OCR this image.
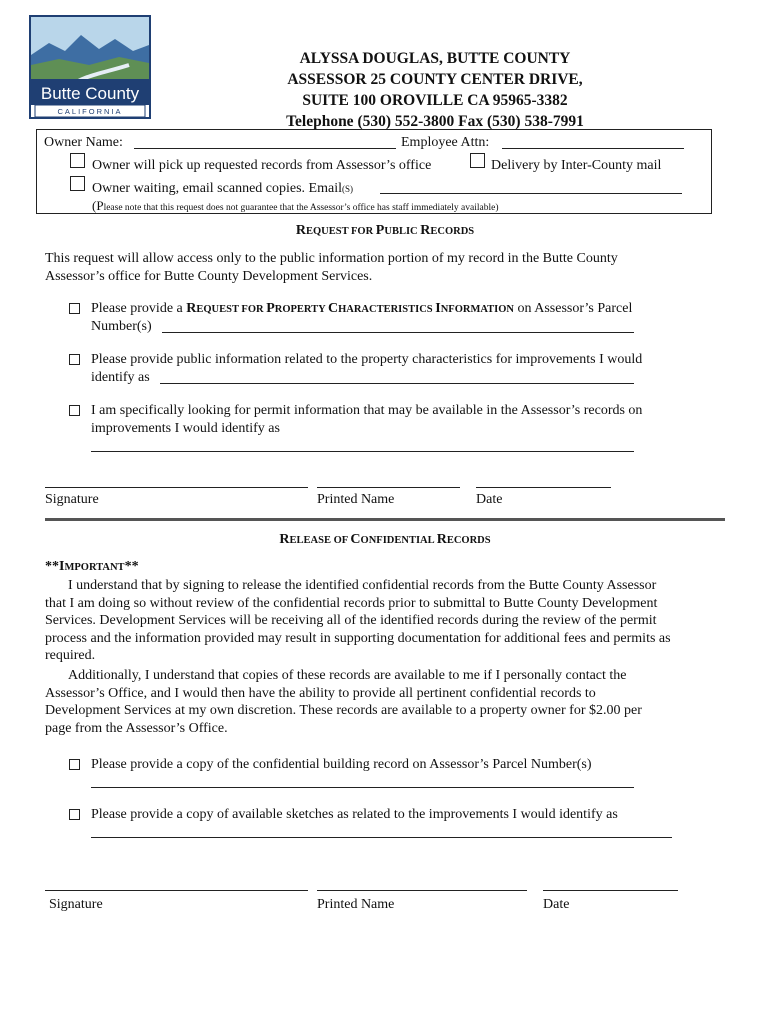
Butte County
CALIFORNIA
ALYSSA DOUGLAS, BUTTE COUNTY
ASSESSOR 25 COUNTY CENTER DRIVE,
SUITE 100 OROVILLE CA 95965-3382
Telephone (530) 552-3800 Fax (530) 538-7991
Owner Name:	Employee Attn:
Owner will pick up requested records from Assessor’s office	Delivery by Inter-County mail
Owner waiting, email scanned copies. Email(S)
(Please note that this request does not guarantee that the Assessor’s office has staff immediately available)
REQUEST FOR PUBLIC RECORDS
This request will allow access only to the public information portion of my record in the Butte County
Assessor’s office for Butte County Development Services.
Please provide a REQUEST FOR PROPERTY CHARACTERISTICS INFORMATION on Assessor’s Parcel
Number(s)
Please provide public information related to the property characteristics for improvements I would
identify as
I am specifically looking for permit information that may be available in the Assessor’s records on
improvements I would identify as
Signature	Printed Name	Date
RELEASE OF CONFIDENTIAL RECORDS
**IMPORTANT**
I understand that by signing to release the identified confidential records from the Butte County Assessor
that I am doing so without review of the confidential records prior to submittal to Butte County Development
Services. Development Services will be receiving all of the identified records during the review of the permit
process and the information provided may result in supporting documentation for additional fees and permits as
required.
Additionally, I understand that copies of these records are available to me if I personally contact the
Assessor’s Office, and I would then have the ability to provide all pertinent confidential records to
Development Services at my own discretion. These records are available to a property owner for $2.00 per
page from the Assessor’s Office.
Please provide a copy of the confidential building record on Assessor’s Parcel Number(s)
Please provide a copy of available sketches as related to the improvements I would identify as
Signature	Printed Name	Date
